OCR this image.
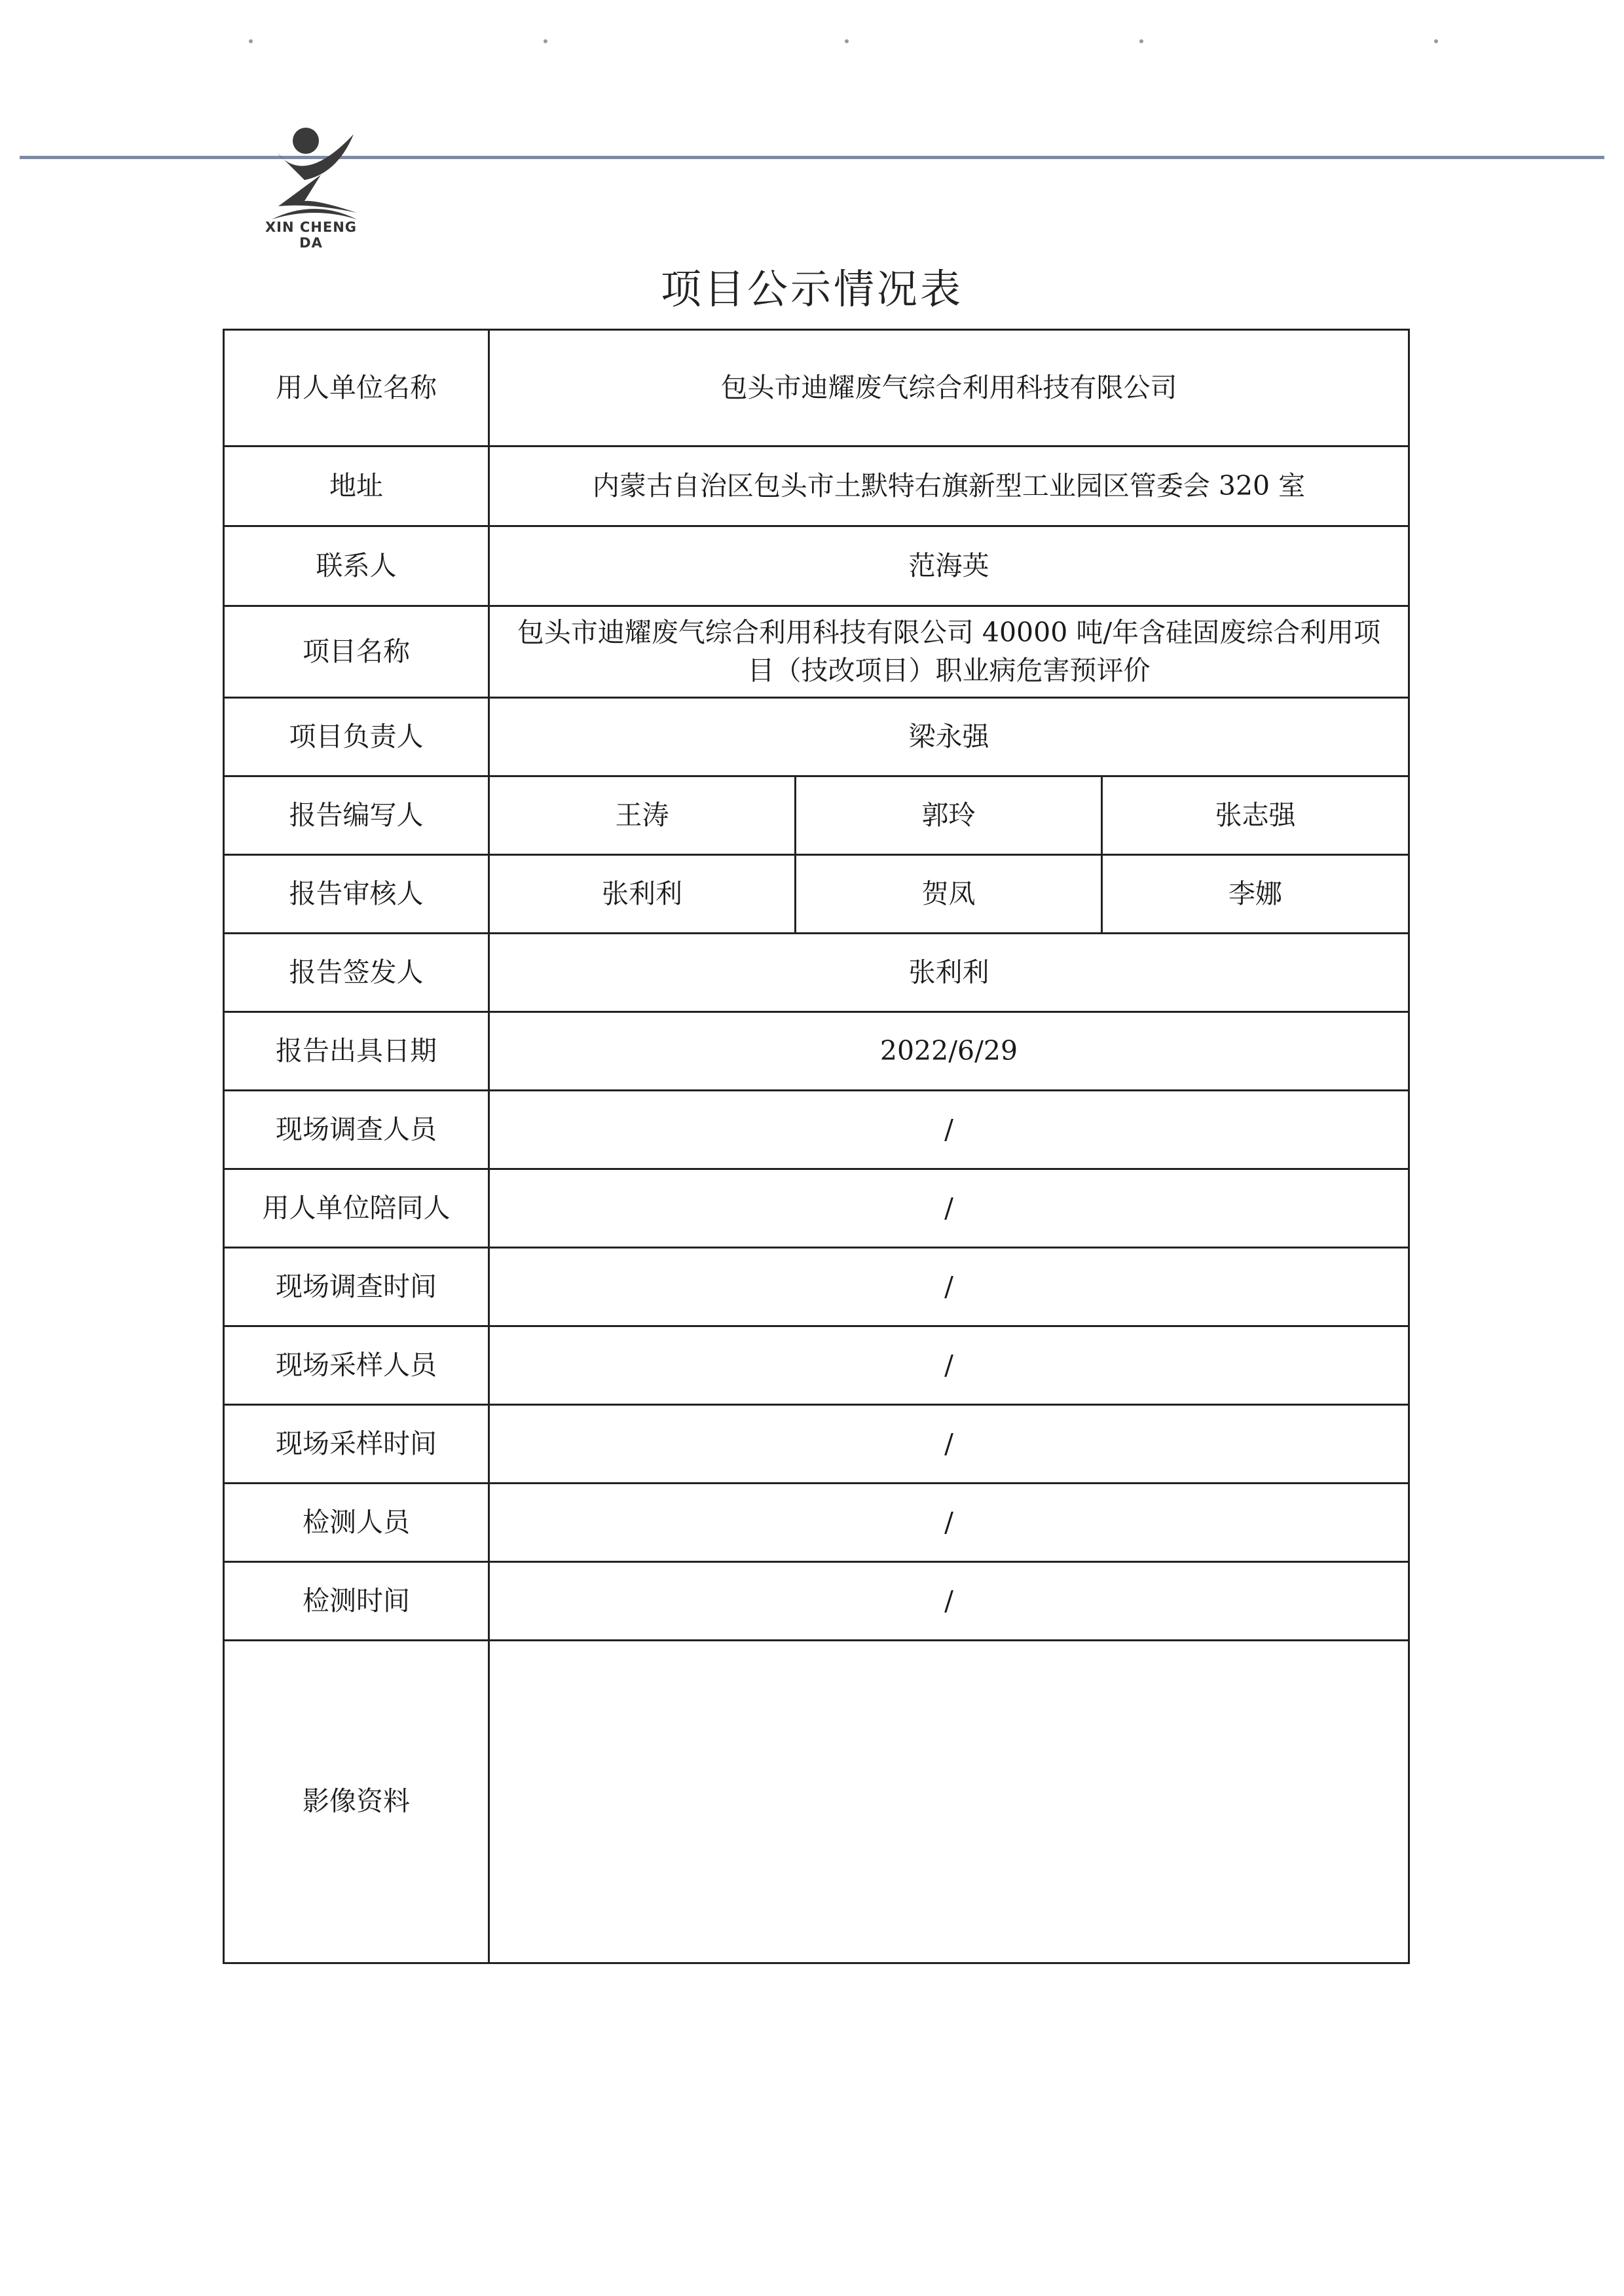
XIN CHENG DA
项目公示情况表
用人单位名称	包头市迪耀废气综合利用科技有限公司		
地址	内蒙古自治区包头市土默特右旗新型工业园区管委会 320 室		
联系人	范海英		
项目名称	包头市迪耀废气综合利用科技有限公司 40000 吨/年含硅固废综合利用项目（技改项目）职业病危害预评价		
项目负责人	梁永强		
报告编写人	王涛	郭玲	张志强
报告审核人	张利利	贺凤	李娜
报告签发人	张利利		
报告出具日期	2022/6/29		
现场调查人员	/		
用人单位陪同人	/		
现场调查时间	/		
现场采样人员	/		
现场采样时间	/		
检测人员	/		
检测时间	/		
影像资料			
